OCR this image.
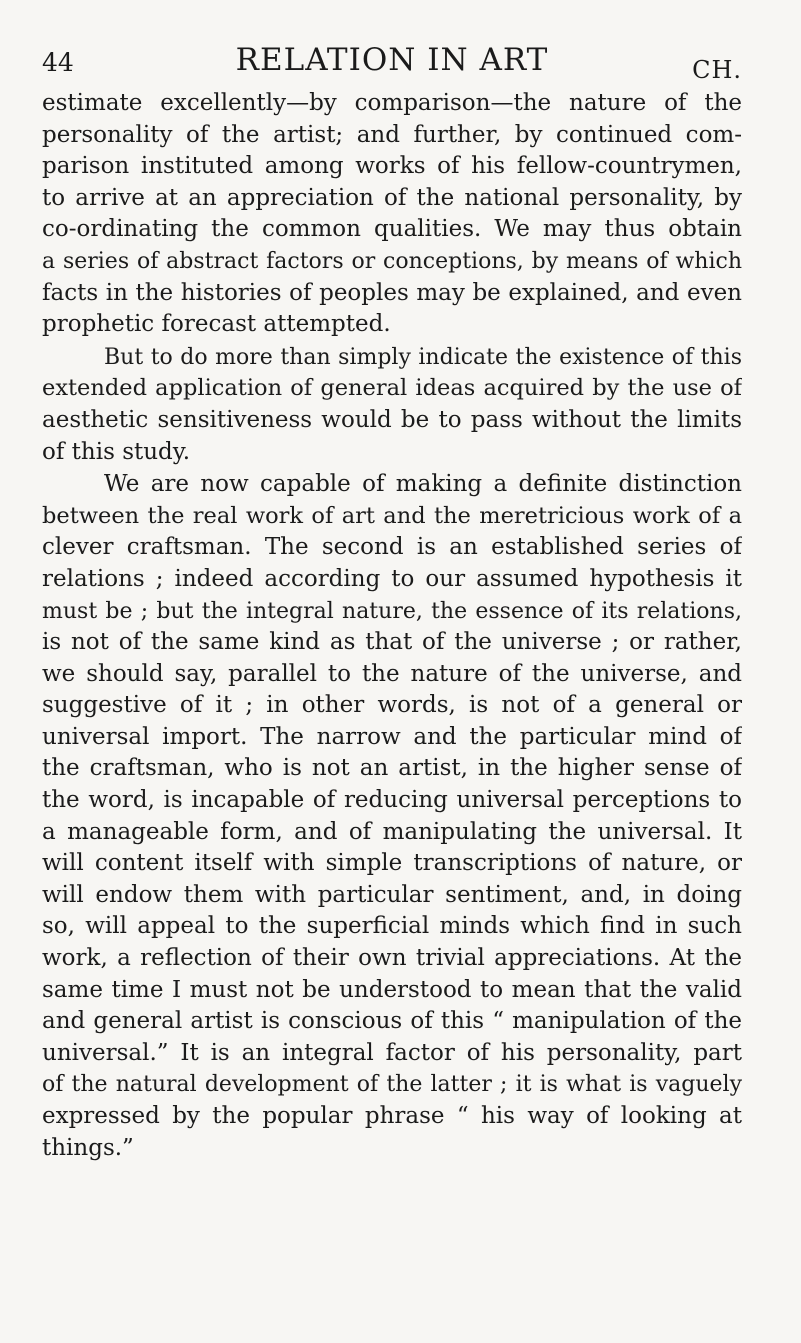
44	RELATION IN ART	CH.
estimate excellently—by comparison—the nature of the
personality of the artist; and further, by continued com-
parison instituted among works of his fellow-countrymen,
to arrive at an appreciation of the national personality, by
co-ordinating the common qualities. We may thus obtain
a series of abstract factors or conceptions, by means of which
facts in the histories of peoples may be explained, and even
prophetic forecast attempted.
But to do more than simply indicate the existence of this
extended application of general ideas acquired by the use of
aesthetic sensitiveness would be to pass without the limits
of this study.
We are now capable of making a definite distinction
between the real work of art and the meretricious work of a
clever craftsman. The second is an established series of
relations ; indeed according to our assumed hypothesis it
must be ; but the integral nature, the essence of its relations,
is not of the same kind as that of the universe ; or rather,
we should say, parallel to the nature of the universe, and
suggestive of it ; in other words, is not of a general or
universal import. The narrow and the particular mind of
the craftsman, who is not an artist, in the higher sense of
the word, is incapable of reducing universal perceptions to
a manageable form, and of manipulating the universal. It
will content itself with simple transcriptions of nature, or
will endow them with particular sentiment, and, in doing
so, will appeal to the superficial minds which find in such
work, a reflection of their own trivial appreciations. At the
same time I must not be understood to mean that the valid
and general artist is conscious of this “ manipulation of the
universal.” It is an integral factor of his personality, part
of the natural development of the latter ; it is what is vaguely
expressed by the popular phrase “ his way of looking at
things.”
